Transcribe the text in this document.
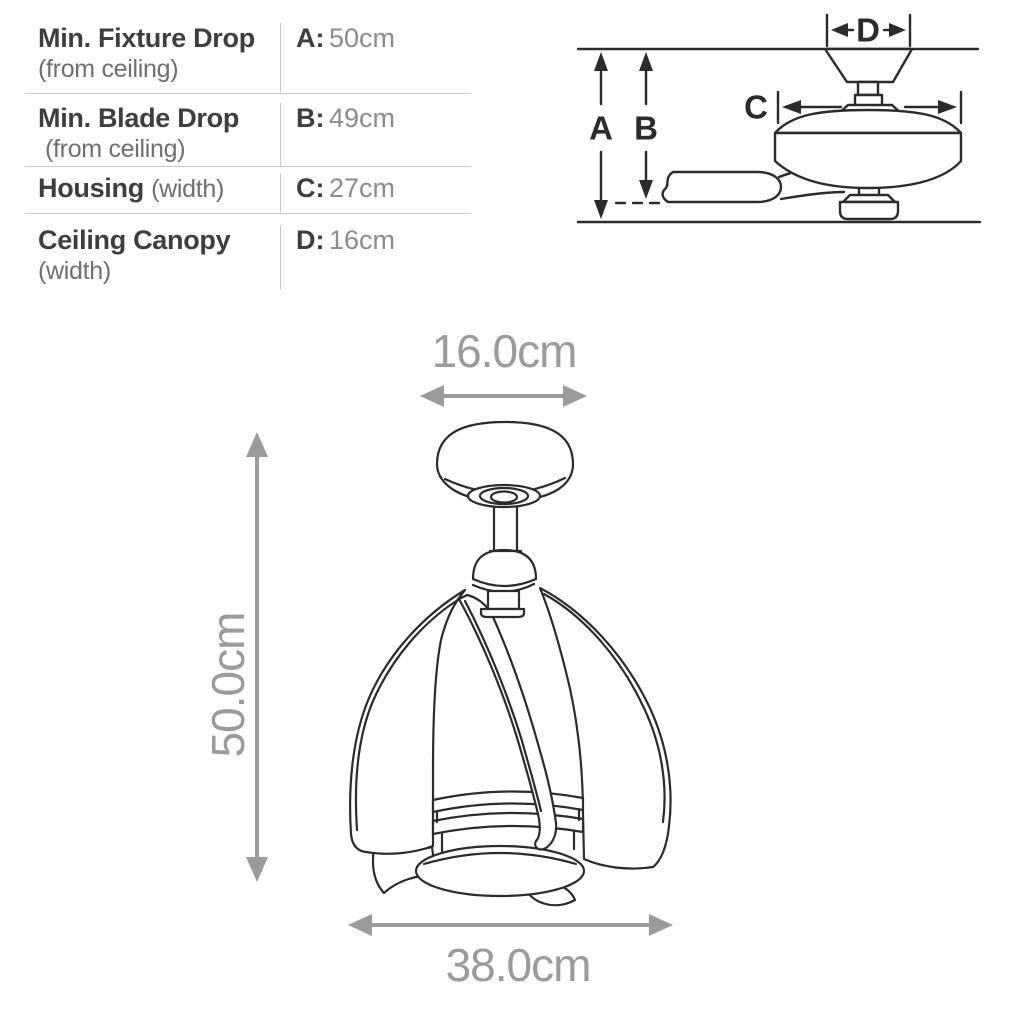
Min. Fixture Drop
(from ceiling)
A: 50cm
Min. Blade Drop
(from ceiling)
B: 49cm
Housing (width)	C: 27cm
Ceiling Canopy
(width)
D: 16cm
A B
C
D
16.0cm
50.0cm
38.0cm
